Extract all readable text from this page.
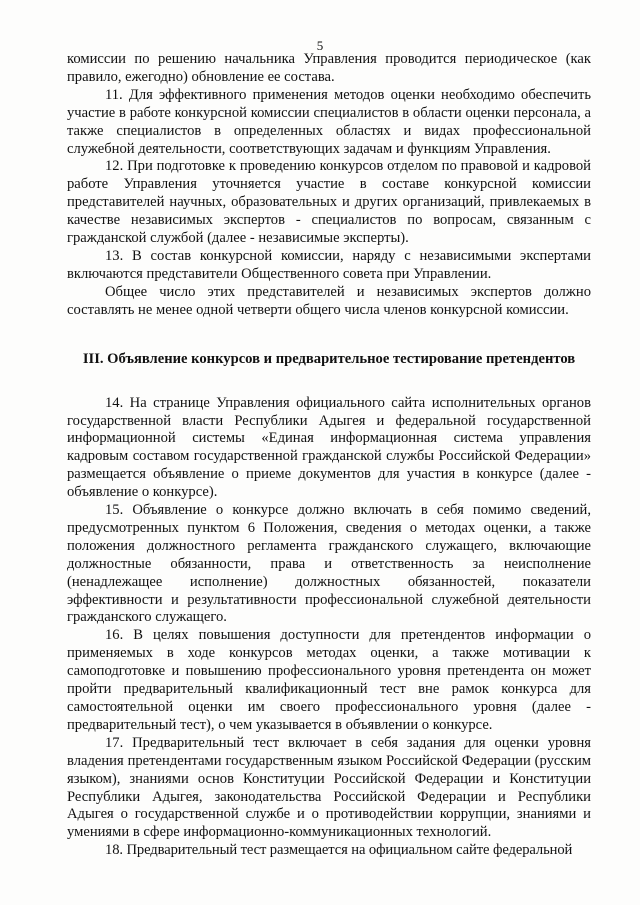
5

комиссии по решению начальника Управления проводится периодическое (как правило, ежегодно) обновление ее состава.

11. Для эффективного применения методов оценки необходимо обеспечить участие в работе конкурсной комиссии специалистов в области оценки персонала, а также специалистов в определенных областях и видах профессиональной служебной деятельности, соответствующих задачам и функциям Управления.

12. При подготовке к проведению конкурсов отделом по правовой и кадровой работе Управления уточняется участие в составе конкурсной комиссии представителей научных, образовательных и других организаций, привлекаемых в качестве независимых экспертов - специалистов по вопросам, связанным с гражданской службой (далее - независимые эксперты).

13. В состав конкурсной комиссии, наряду с независимыми экспертами включаются представители Общественного совета при Управлении.

Общее число этих представителей и независимых экспертов должно составлять не менее одной четверти общего числа членов конкурсной комиссии.

III. Объявление конкурсов и предварительное тестирование претендентов

14. На странице Управления официального сайта исполнительных органов государственной власти Республики Адыгея и федеральной государственной информационной системы «Единая информационная система управления кадровым составом государственной гражданской службы Российской Федерации» размещается объявление о приеме документов для участия в конкурсе (далее - объявление о конкурсе).

15. Объявление о конкурсе должно включать в себя помимо сведений, предусмотренных пунктом 6 Положения, сведения о методах оценки, а также положения должностного регламента гражданского служащего, включающие должностные обязанности, права и ответственность за неисполнение (ненадлежащее исполнение) должностных обязанностей, показатели эффективности и результативности профессиональной служебной деятельности гражданского служащего.

16. В целях повышения доступности для претендентов информации о применяемых в ходе конкурсов методах оценки, а также мотивации к самоподготовке и повышению профессионального уровня претендента он может пройти предварительный квалификационный тест вне рамок конкурса для самостоятельной оценки им своего профессионального уровня (далее - предварительный тест), о чем указывается в объявлении о конкурсе.

17. Предварительный тест включает в себя задания для оценки уровня владения претендентами государственным языком Российской Федерации (русским языком), знаниями основ Конституции Российской Федерации и Конституции Республики Адыгея, законодательства Российской Федерации и Республики Адыгея о государственной службе и о противодействии коррупции, знаниями и умениями в сфере информационно-коммуникационных технологий.

18. Предварительный тест размещается на официальном сайте федеральной
